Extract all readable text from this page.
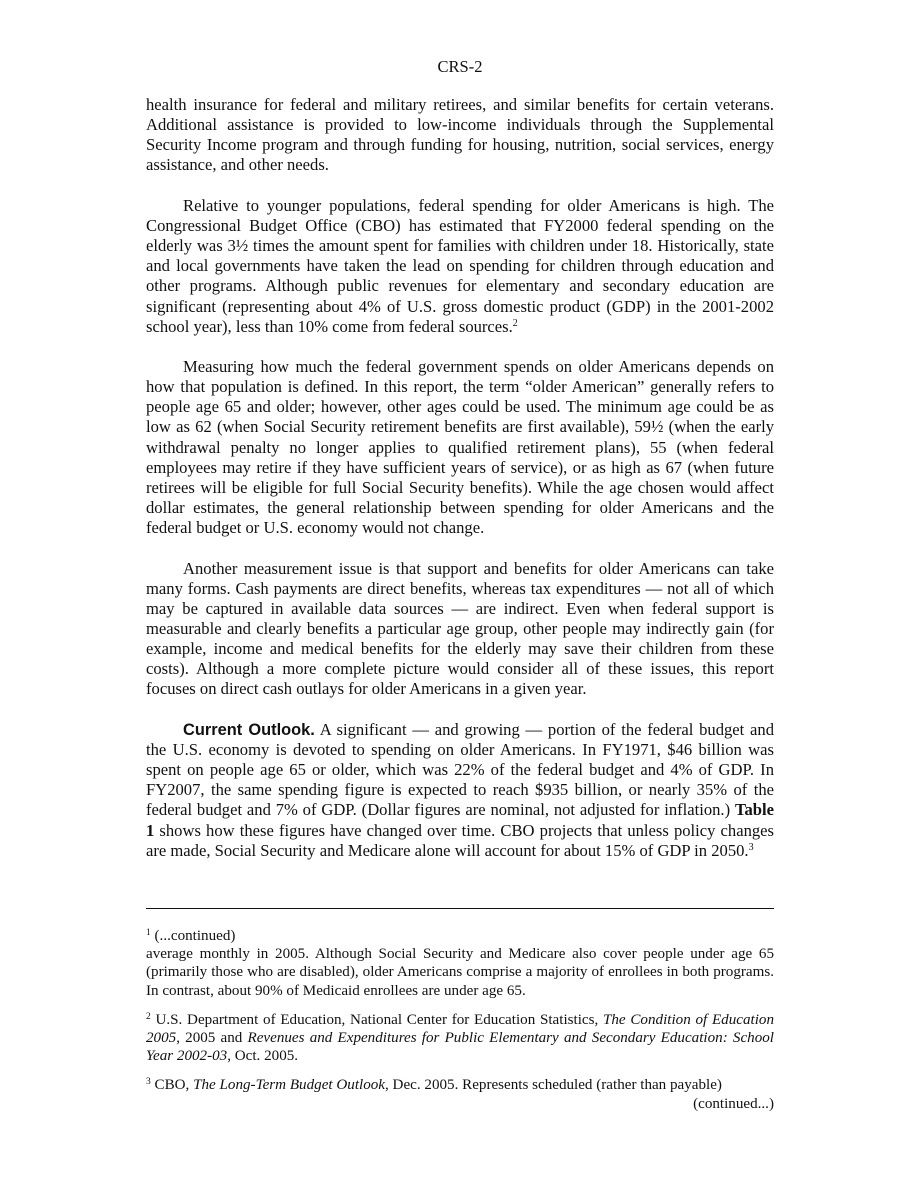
CRS-2

health insurance for federal and military retirees, and similar benefits for certain veterans. Additional assistance is provided to low-income individuals through the Supplemental Security Income program and through funding for housing, nutrition, social services, energy assistance, and other needs.

Relative to younger populations, federal spending for older Americans is high. The Congressional Budget Office (CBO) has estimated that FY2000 federal spending on the elderly was 3½ times the amount spent for families with children under 18. Historically, state and local governments have taken the lead on spending for children through education and other programs. Although public revenues for elementary and secondary education are significant (representing about 4% of U.S. gross domestic product (GDP) in the 2001-2002 school year), less than 10% come from federal sources.$^2$

Measuring how much the federal government spends on older Americans depends on how that population is defined. In this report, the term “older American” generally refers to people age 65 and older; however, other ages could be used. The minimum age could be as low as 62 (when Social Security retirement benefits are first available), 59½ (when the early withdrawal penalty no longer applies to qualified retirement plans), 55 (when federal employees may retire if they have sufficient years of service), or as high as 67 (when future retirees will be eligible for full Social Security benefits). While the age chosen would affect dollar estimates, the general relationship between spending for older Americans and the federal budget or U.S. economy would not change.

Another measurement issue is that support and benefits for older Americans can take many forms. Cash payments are direct benefits, whereas tax expenditures — not all of which may be captured in available data sources — are indirect. Even when federal support is measurable and clearly benefits a particular age group, other people may indirectly gain (for example, income and medical benefits for the elderly may save their children from these costs). Although a more complete picture would consider all of these issues, this report focuses on direct cash outlays for older Americans in a given year.

Current Outlook. A significant — and growing — portion of the federal budget and the U.S. economy is devoted to spending on older Americans. In FY1971, $46 billion was spent on people age 65 or older, which was 22% of the federal budget and 4% of GDP. In FY2007, the same spending figure is expected to reach $935 billion, or nearly 35% of the federal budget and 7% of GDP. (Dollar figures are nominal, not adjusted for inflation.) Table 1 shows how these figures have changed over time. CBO projects that unless policy changes are made, Social Security and Medicare alone will account for about 15% of GDP in 2050.$^3$

$^1$ (...continued)

average monthly in 2005. Although Social Security and Medicare also cover people under age 65 (primarily those who are disabled), older Americans comprise a majority of enrollees in both programs. In contrast, about 90% of Medicaid enrollees are under age 65.

$^2$ U.S. Department of Education, National Center for Education Statistics, The Condition of Education 2005, 2005 and Revenues and Expenditures for Public Elementary and Secondary Education: School Year 2002-03, Oct. 2005.

$^3$ CBO, The Long-Term Budget Outlook, Dec. 2005. Represents scheduled (rather than payable)

(continued...)
